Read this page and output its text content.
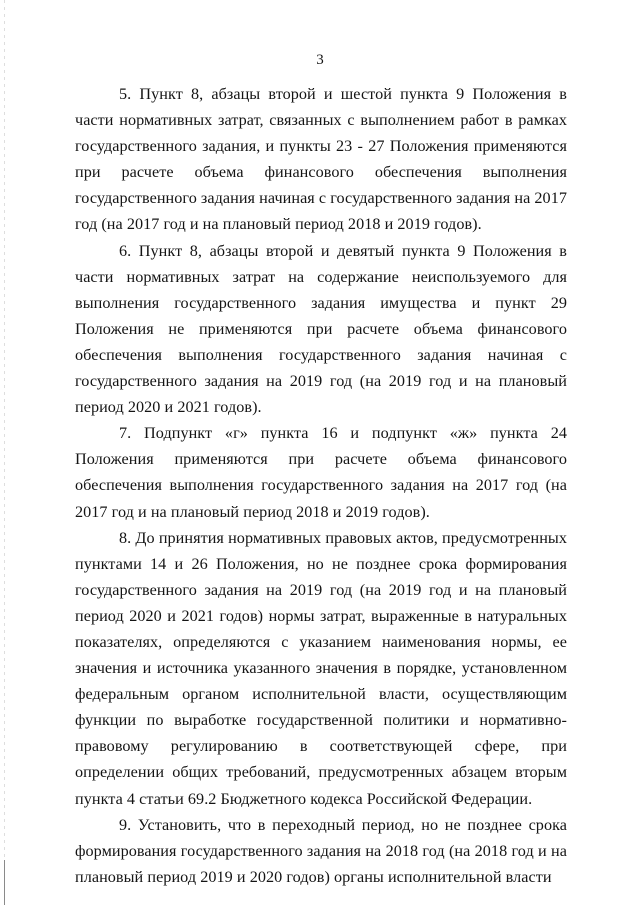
3

5. Пункт 8, абзацы второй и шестой пункта 9 Положения в части нормативных затрат, связанных с выполнением работ в рамках государственного задания, и пункты 23 - 27 Положения применяются при расчете объема финансового обеспечения выполнения государственного задания начиная с государственного задания на 2017 год (на 2017 год и на плановый период 2018 и 2019 годов).

6. Пункт 8, абзацы второй и девятый пункта 9 Положения в части нормативных затрат на содержание неиспользуемого для выполнения государственного задания имущества и пункт 29 Положения не применяются при расчете объема финансового обеспечения выполнения государственного задания начиная с государственного задания на 2019 год (на 2019 год и на плановый период 2020 и 2021 годов).

7. Подпункт «г» пункта 16 и подпункт «ж» пункта 24 Положения применяются при расчете объема финансового обеспечения выполнения государственного задания на 2017 год (на 2017 год и на плановый период 2018 и 2019 годов).

8. До принятия нормативных правовых актов, предусмотренных пунктами 14 и 26 Положения, но не позднее срока формирования государственного задания на 2019 год (на 2019 год и на плановый период 2020 и 2021 годов) нормы затрат, выраженные в натуральных показателях, определяются с указанием наименования нормы, ее значения и источника указанного значения в порядке, установленном федеральным органом исполнительной власти, осуществляющим функции по выработке государственной политики и нормативно-правовому регулированию в соответствующей сфере, при определении общих требований, предусмотренных абзацем вторым пункта 4 статьи 69.2 Бюджетного кодекса Российской Федерации.

9. Установить, что в переходный период, но не позднее срока формирования государственного задания на 2018 год (на 2018 год и на плановый период 2019 и 2020 годов) органы исполнительной власти
